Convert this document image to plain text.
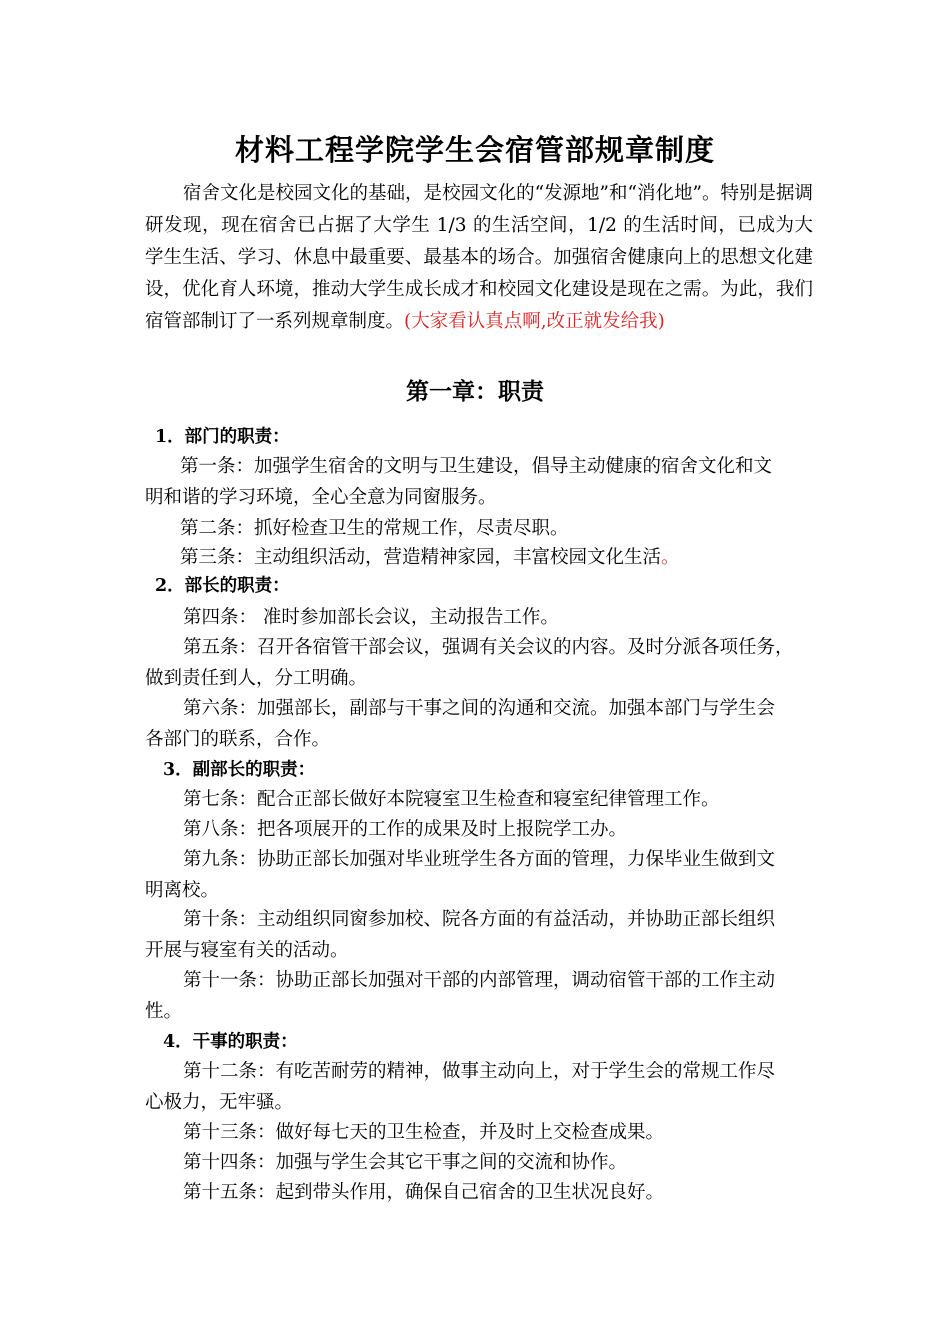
材料工程学院学生会宿管部规章制度
宿舍文化是校园文化的基础，是校园文化的“发源地”和“消化地”。特别是据调研发现，现在宿舍已占据了大学生 1/3 的生活空间，1/2 的生活时间，已成为大学生生活、学习、休息中最重要、最基本的场合。加强宿舍健康向上的思想文化建设，优化育人环境，推动大学生成长成才和校园文化建设是现在之需。为此，我们宿管部制订了一系列规章制度。(大家看认真点啊,改正就发给我)
第一章：职责
1．部门的职责：
第一条：加强学生宿舍的文明与卫生建设，倡导主动健康的宿舍文化和文
明和谐的学习环境，全心全意为同窗服务。
第二条：抓好检查卫生的常规工作，尽责尽职。
第三条：主动组织活动，营造精神家园，丰富校园文化生活。
2．部长的职责：
第四条： 准时参加部长会议，主动报告工作。
第五条：召开各宿管干部会议，强调有关会议的内容。及时分派各项任务，
做到责任到人，分工明确。
第六条：加强部长，副部与干事之间的沟通和交流。加强本部门与学生会
各部门的联系，合作。
3．副部长的职责：
第七条：配合正部长做好本院寝室卫生检查和寝室纪律管理工作。
第八条：把各项展开的工作的成果及时上报院学工办。
第九条：协助正部长加强对毕业班学生各方面的管理，力保毕业生做到文
明离校。
第十条：主动组织同窗参加校、院各方面的有益活动，并协助正部长组织
开展与寝室有关的活动。
第十一条：协助正部长加强对干部的内部管理，调动宿管干部的工作主动
性。
4．干事的职责：
第十二条：有吃苦耐劳的精神，做事主动向上，对于学生会的常规工作尽
心极力，无牢骚。
第十三条：做好每七天的卫生检查，并及时上交检查成果。
第十四条：加强与学生会其它干事之间的交流和协作。
第十五条：起到带头作用，确保自己宿舍的卫生状况良好。
